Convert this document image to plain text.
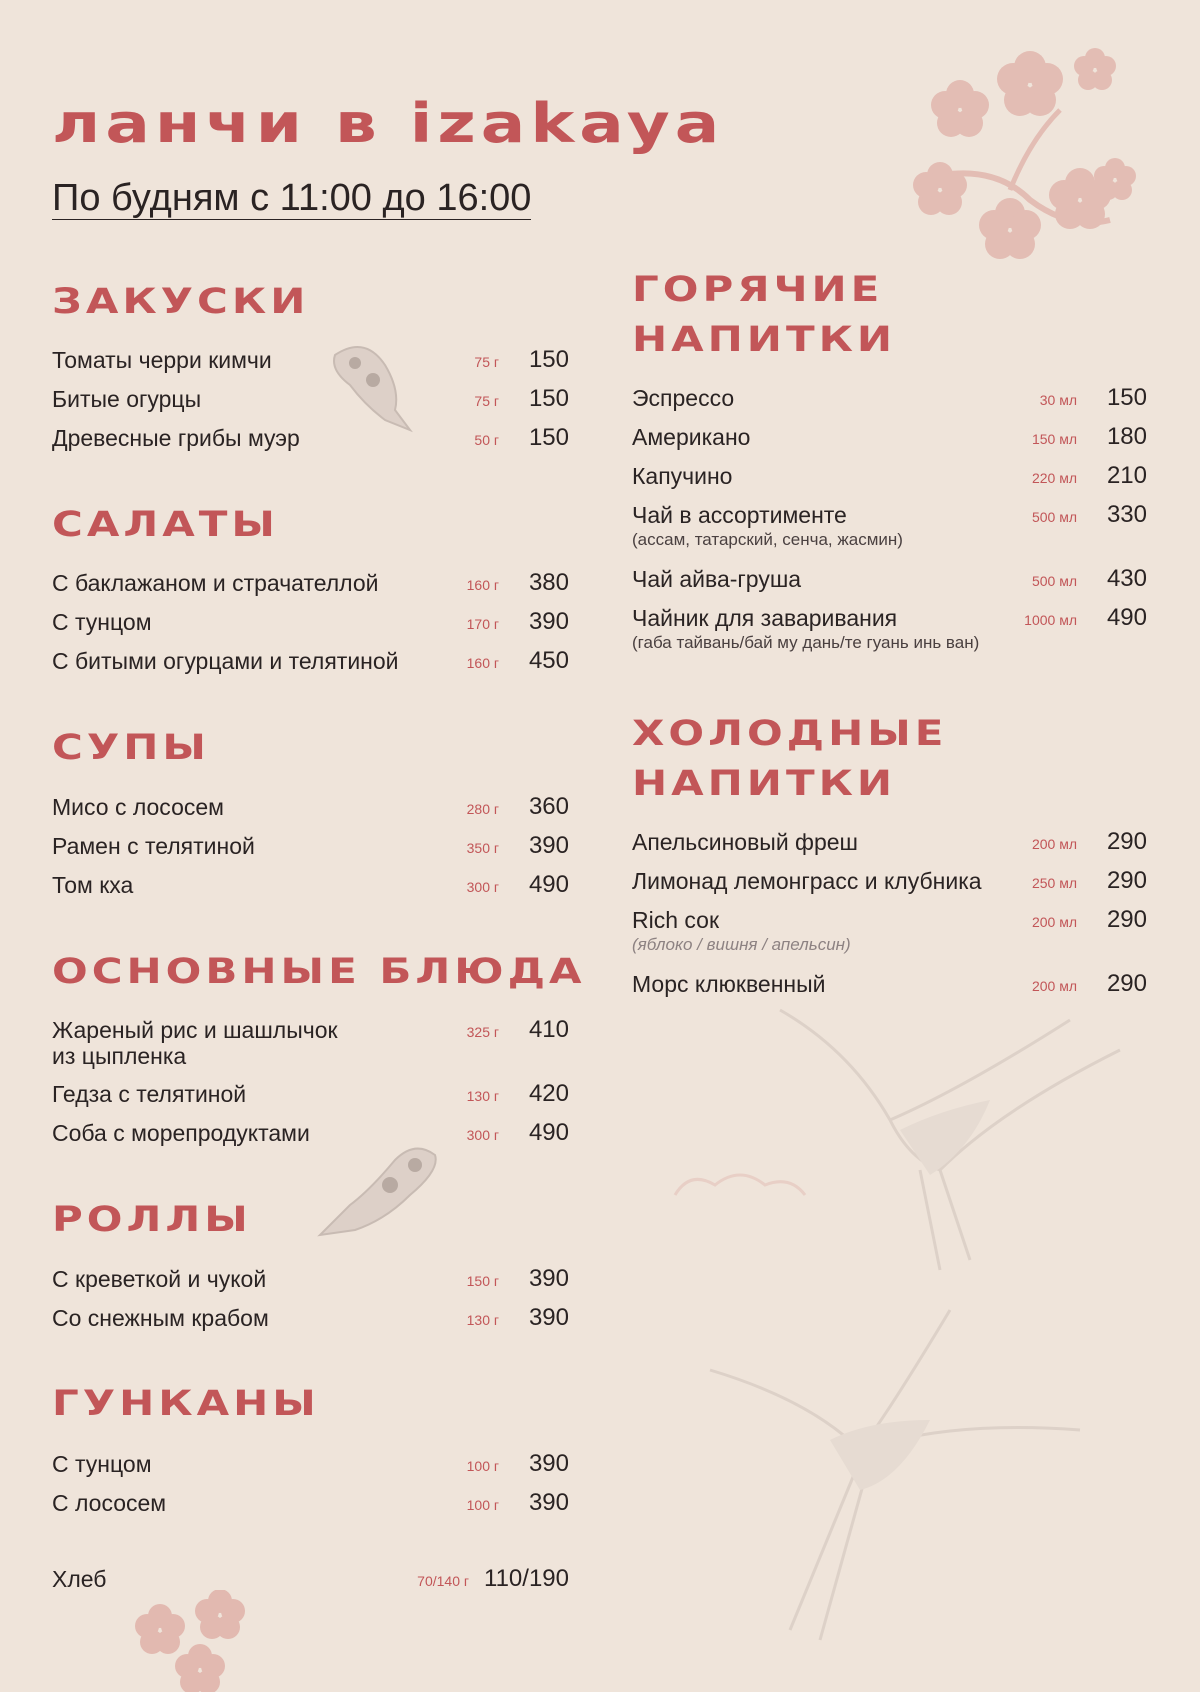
ланчи в izakaya
По будням с 11:00 до 16:00
ЗАКУСКИ
Томаты черри кимчи	75 г	150
Битые огурцы	75 г	150
Древесные грибы муэр	50 г	150
САЛАТЫ
С баклажаном и страчателлой	160 г	380
С тунцом	170 г	390
С битыми огурцами и телятиной	160 г	450
СУПЫ
Мисо с лососем	280 г	360
Рамен с телятиной	350 г	390
Том кха	300 г	490
ОСНОВНЫЕ БЛЮДА
Жареный рис и шашлычок
из цыпленка
325 г	410
Гедза с телятиной	130 г	420
Соба с морепродуктами	300 г	490
РОЛЛЫ
С креветкой и чукой	150 г	390
Со снежным крабом	130 г	390
ГУНКАНЫ
С тунцом	100 г	390
С лососем	100 г	390
Хлеб	70/140 г 110/190
ГОРЯЧИЕ
НАПИТКИ
Эспрессо	30 мл	150
Американо	150 мл	180
Капучино	220 мл	210
Чай в ассортименте
(ассам, татарский, сенча, жасмин)
500 мл	330
Чай айва-груша	500 мл	430
Чайник для заваривания
(габа тайвань/бай му дань/те гуань инь ван)
1000 мл	490
ХОЛОДНЫЕ
НАПИТКИ
Апельсиновый фреш	200 мл	290
Лимонад лемонграсс и клубника	250 мл	290
Rich сок
(яблоко / вишня / апельсин)
200 мл	290
Морс клюквенный	200 мл	290
